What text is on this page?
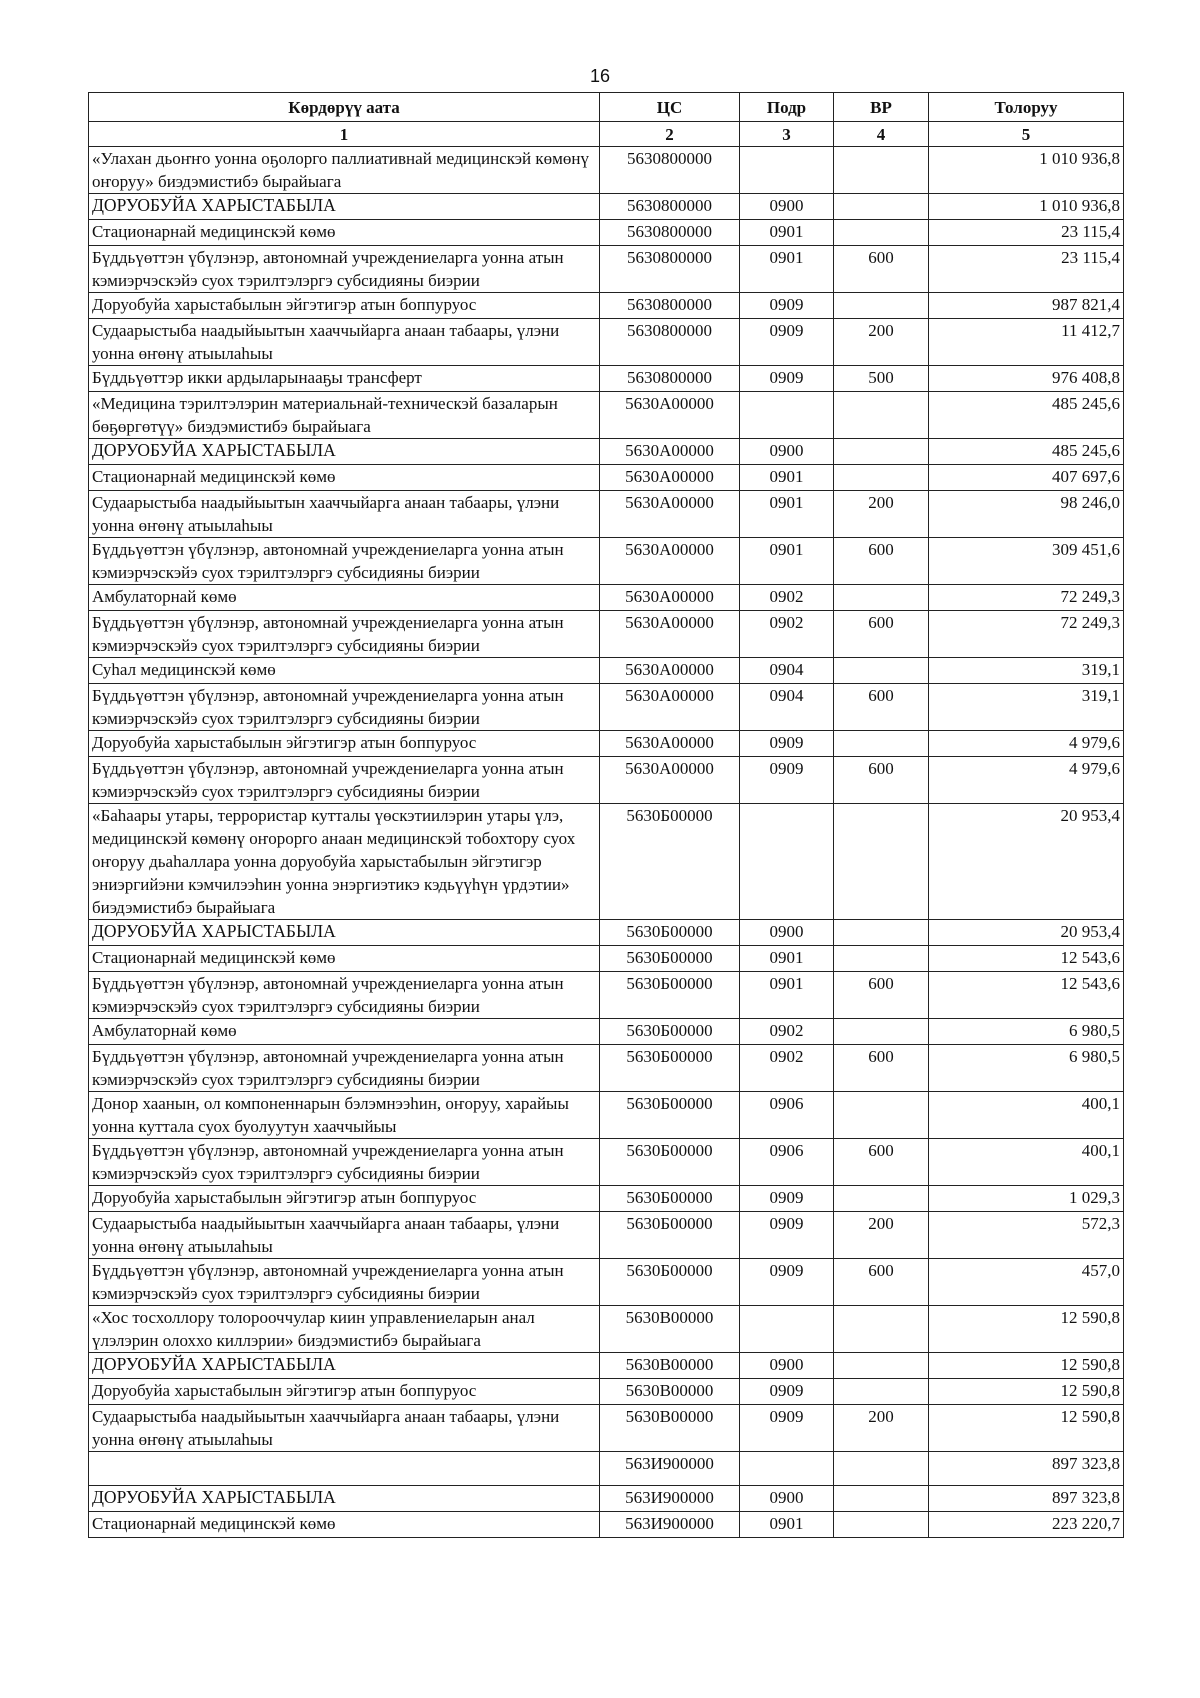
16
Көрдөрүү аата	ЦС	Подр	ВР	Толоруу
1	2	3	4	5
«Улахан дьоҥҥо уонна оҕолорго паллиативнай медицинскэй көмөнү оҥоруу» биэдэмистибэ бырайыага	5630800000			1 010 936,8
ДОРУОБУЙА ХАРЫСТАБЫЛА	5630800000	0900		1 010 936,8
Стационарнай медицинскэй көмө	5630800000	0901		23 115,4
Бүддьүөттэн үбүлэнэр, автономнай учреждениеларга уонна атын кэмиэрчэскэйэ суох тэрилтэлэргэ субсидияны биэрии	5630800000	0901	600	23 115,4
Доруобуйа харыстабылын эйгэтигэр атын боппуруос	5630800000	0909		987 821,4
Судаарыстыба наадыйыытын хааччыйарга анаан табаары, үлэни уонна өҥөнү атыылаһыы	5630800000	0909	200	11 412,7
Бүддьүөттэр икки ардыларынааҕы трансферт	5630800000	0909	500	976 408,8
«Медицина тэрилтэлэрин материальнай-техническэй базаларын бөҕөргөтүү» биэдэмистибэ бырайыага	5630А00000			485 245,6
ДОРУОБУЙА ХАРЫСТАБЫЛА	5630А00000	0900		485 245,6
Стационарнай медицинскэй көмө	5630А00000	0901		407 697,6
Судаарыстыба наадыйыытын хааччыйарга анаан табаары, үлэни уонна өҥөнү атыылаһыы	5630А00000	0901	200	98 246,0
Бүддьүөттэн үбүлэнэр, автономнай учреждениеларга уонна атын кэмиэрчэскэйэ суох тэрилтэлэргэ субсидияны биэрии	5630А00000	0901	600	309 451,6
Амбулаторнай көмө	5630А00000	0902		72 249,3
Бүддьүөттэн үбүлэнэр, автономнай учреждениеларга уонна атын кэмиэрчэскэйэ суох тэрилтэлэргэ субсидияны биэрии	5630А00000	0902	600	72 249,3
Суһал медицинскэй көмө	5630А00000	0904		319,1
Бүддьүөттэн үбүлэнэр, автономнай учреждениеларга уонна атын кэмиэрчэскэйэ суох тэрилтэлэргэ субсидияны биэрии	5630А00000	0904	600	319,1
Доруобуйа харыстабылын эйгэтигэр атын боппуруос	5630А00000	0909		4 979,6
Бүддьүөттэн үбүлэнэр, автономнай учреждениеларга уонна атын кэмиэрчэскэйэ суох тэрилтэлэргэ субсидияны биэрии	5630А00000	0909	600	4 979,6
«Баһаары утары, террористар кутталы үөскэтиилэрин утары үлэ, медицинскэй көмөнү оҥорорго анаан медицинскэй тобохтору суох оҥоруу дьаһаллара уонна доруобуйа харыстабылын эйгэтигэр эниэргийэни кэмчилээһин уонна энэргиэтикэ кэдьүүһүн үрдэтии» биэдэмистибэ бырайыага	5630Б00000			20 953,4
ДОРУОБУЙА ХАРЫСТАБЫЛА	5630Б00000	0900		20 953,4
Стационарнай медицинскэй көмө	5630Б00000	0901		12 543,6
Бүддьүөттэн үбүлэнэр, автономнай учреждениеларга уонна атын кэмиэрчэскэйэ суох тэрилтэлэргэ субсидияны биэрии	5630Б00000	0901	600	12 543,6
Амбулаторнай көмө	5630Б00000	0902		6 980,5
Бүддьүөттэн үбүлэнэр, автономнай учреждениеларга уонна атын кэмиэрчэскэйэ суох тэрилтэлэргэ субсидияны биэрии	5630Б00000	0902	600	6 980,5
Донор хаанын, ол компоненнарын бэлэмнээһин, оҥоруу, харайыы уонна куттала суох буолуутун хааччыйыы	5630Б00000	0906		400,1
Бүддьүөттэн үбүлэнэр, автономнай учреждениеларга уонна атын кэмиэрчэскэйэ суох тэрилтэлэргэ субсидияны биэрии	5630Б00000	0906	600	400,1
Доруобуйа харыстабылын эйгэтигэр атын боппуруос	5630Б00000	0909		1 029,3
Судаарыстыба наадыйыытын хааччыйарга анаан табаары, үлэни уонна өҥөнү атыылаһыы	5630Б00000	0909	200	572,3
Бүддьүөттэн үбүлэнэр, автономнай учреждениеларга уонна атын кэмиэрчэскэйэ суох тэрилтэлэргэ субсидияны биэрии	5630Б00000	0909	600	457,0
«Хос тосхоллору толорооччулар киин управлениеларын анал үлэлэрин олоххо киллэрии» биэдэмистибэ бырайыага	5630В00000			12 590,8
ДОРУОБУЙА ХАРЫСТАБЫЛА	5630В00000	0900		12 590,8
Доруобуйа харыстабылын эйгэтигэр атын боппуруос	5630В00000	0909		12 590,8
Судаарыстыба наадыйыытын хааччыйарга анаан табаары, үлэни уонна өҥөнү атыылаһыы	5630В00000	0909	200	12 590,8
	563И900000			897 323,8
ДОРУОБУЙА ХАРЫСТАБЫЛА	563И900000	0900		897 323,8
Стационарнай медицинскэй көмө	563И900000	0901		223 220,7
